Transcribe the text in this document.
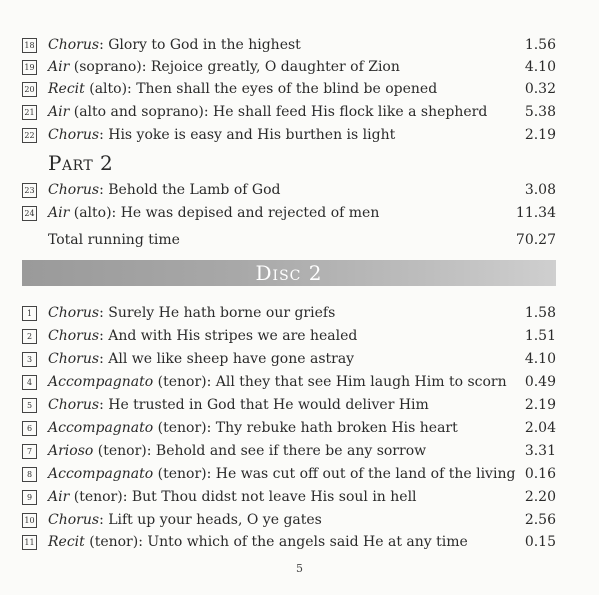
18 Chorus: Glory to God in the highest	1.56
19 Air (soprano): Rejoice greatly, O daughter of Zion	4.10
20 Recit (alto): Then shall the eyes of the blind be opened	0.32
21 Air (alto and soprano): He shall feed His flock like a shepherd	5.38
22 Chorus: His yoke is easy and His burthen is light	2.19
Part 2
23 Chorus: Behold the Lamb of God	3.08
24 Air (alto): He was depised and rejected of men	11.34
Total running time	70.27
Disc 2
1	Chorus: Surely He hath borne our griefs	1.58
2	Chorus: And with His stripes we are healed	1.51
3	Chorus: All we like sheep have gone astray	4.10
4	Accompagnato (tenor): All they that see Him laugh Him to scorn	0.49
5	Chorus: He trusted in God that He would deliver Him	2.19
6	Accompagnato (tenor): Thy rebuke hath broken His heart	2.04
7	Arioso (tenor): Behold and see if there be any sorrow	3.31
8	Accompagnato (tenor): He was cut off out of the land of the living 0.16
9	Air (tenor): But Thou didst not leave His soul in hell	2.20
10 Chorus: Lift up your heads, O ye gates	2.56
11 Recit (tenor): Unto which of the angels said He at any time	0.15
5
